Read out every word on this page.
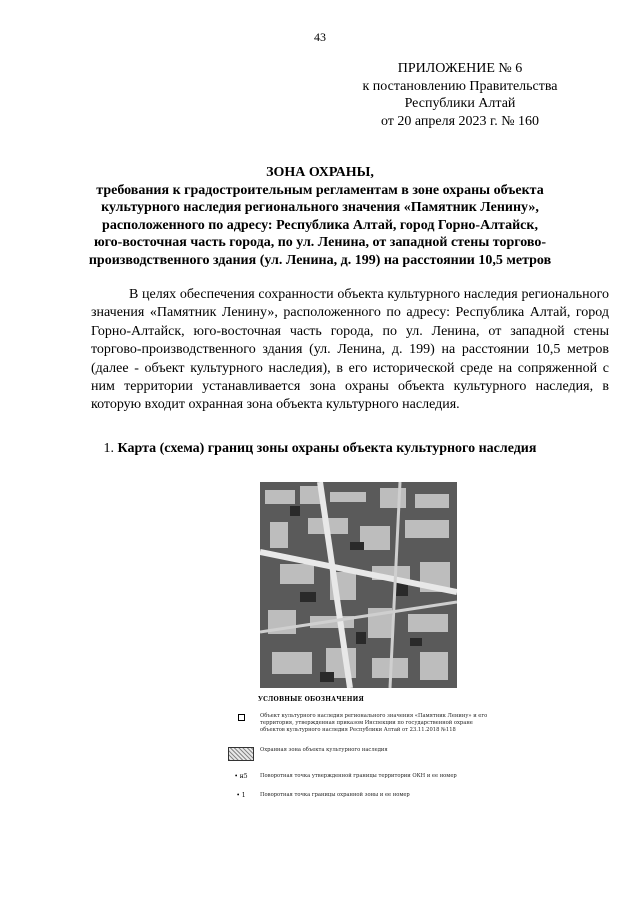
43
ПРИЛОЖЕНИЕ № 6
к постановлению Правительства
Республики Алтай
от 20 апреля 2023 г. № 160
ЗОНА ОХРАНЫ,
требования к градостроительным регламентам в зоне охраны объекта
культурного наследия регионального значения «Памятник Ленину»,
расположенного по адресу: Республика Алтай, город Горно-Алтайск,
юго-восточная часть города, по ул. Ленина, от западной стены торгово-
производственного здания (ул. Ленина, д. 199) на расстоянии 10,5 метров

В целях обеспечения сохранности объекта культурного наследия регионального значения «Памятник Ленину», расположенного по адресу: Республика Алтай, город Горно-Алтайск, юго-восточная часть города, по ул. Ленина, от западной стены торгово-производственного здания (ул. Ленина, д. 199) на расстоянии 10,5 метров (далее - объект культурного наследия), в его исторической среде на сопряженной с ним территории устанавливается зона охраны объекта культурного наследия, в которую входит охранная зона объекта культурного наследия.

1. Карта (схема) границ зоны охраны объекта культурного наследия
УСЛОВНЫЕ ОБОЗНАЧЕНИЯ
Объект культурного наследия регионального значения «Памятник Ленину» и его территория, утвержденная приказом Инспекции по государственной охране объектов культурного наследия Республики Алтай от 23.11.2018 №118
Охранная зона объекта культурного наследия
• н5	Поворотная точка утвержденной границы территории ОКН и ее номер
• 1	Поворотная точка границы охранной зоны и ее номер
